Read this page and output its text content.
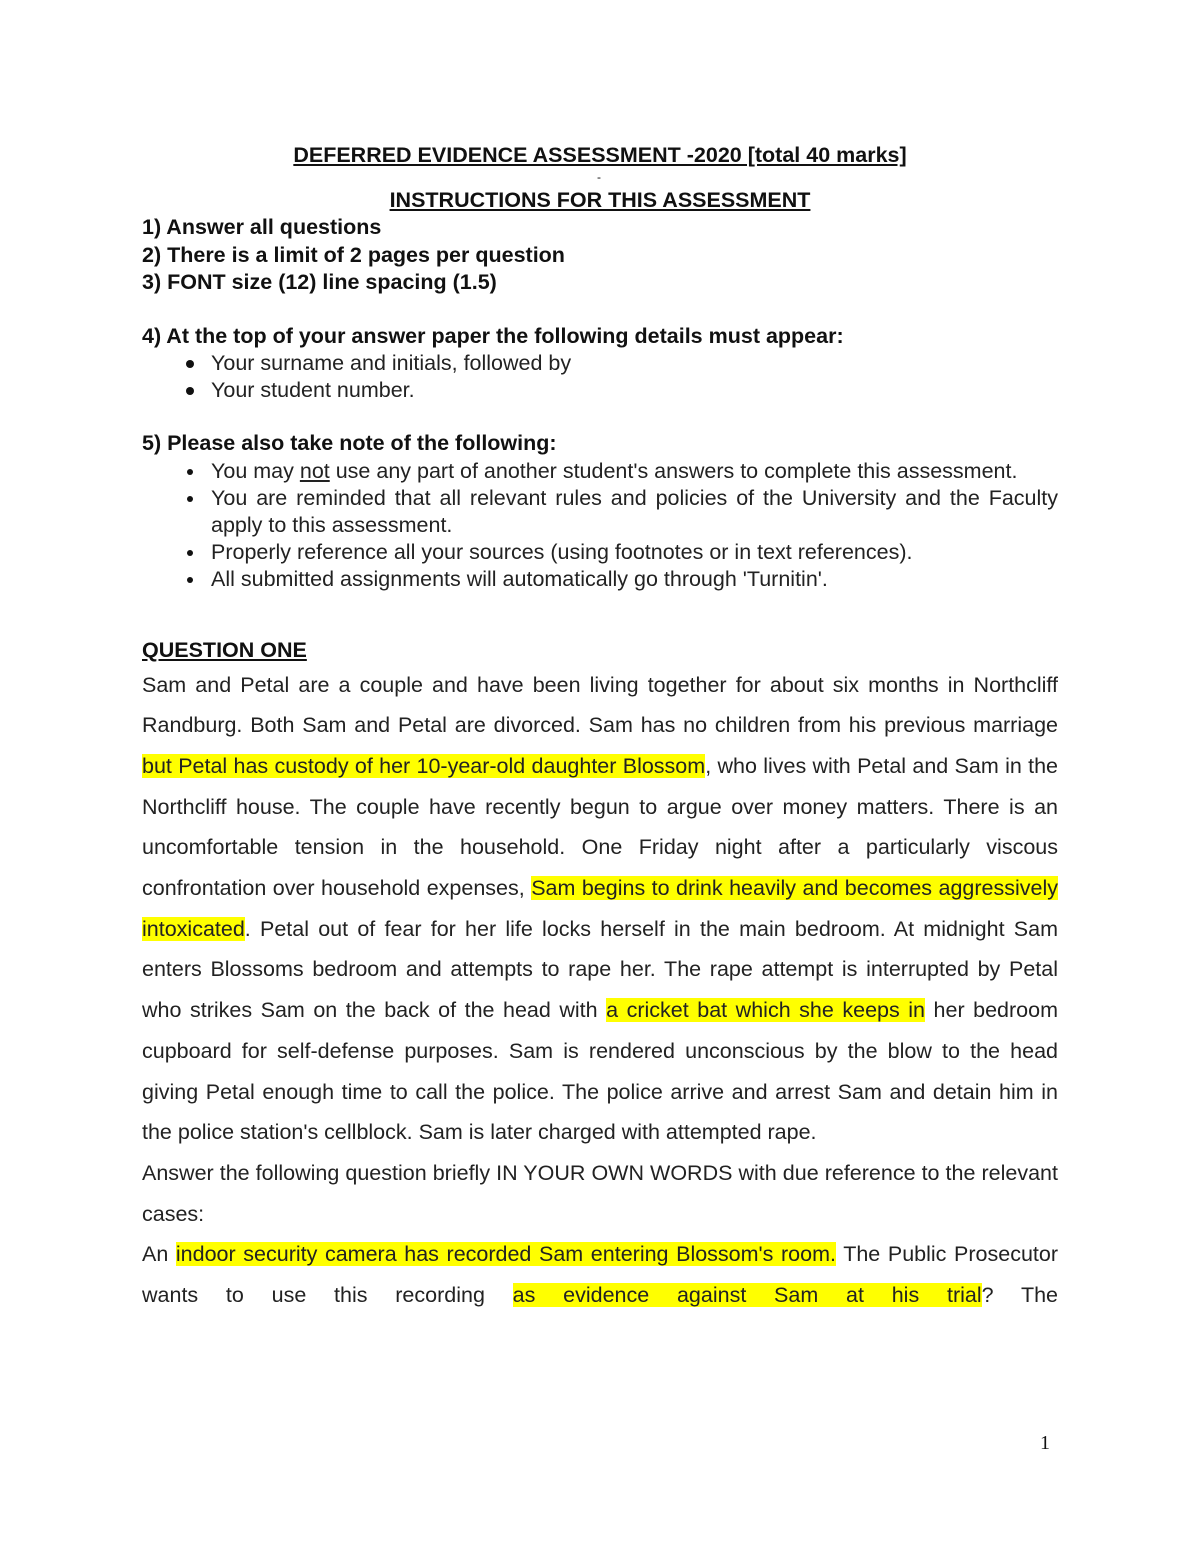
DEFERRED EVIDENCE ASSESSMENT -2020 [total 40 marks]

-

INSTRUCTIONS FOR THIS ASSESSMENT

1) Answer all questions

2) There is a limit of 2 pages per question

3) FONT size (12) line spacing (1.5)

4) At the top of your answer paper the following details must appear:

Your surname and initials, followed by
Your student number.

5) Please also take note of the following:

You may not use any part of another student's answers to complete this assessment.
You are reminded that all relevant rules and policies of the University and the Faculty apply to this assessment.
Properly reference all your sources (using footnotes or in text references).
All submitted assignments will automatically go through 'Turnitin'.

QUESTION ONE

Sam and Petal are a couple and have been living together for about six months in Northcliff Randburg. Both Sam and Petal are divorced. Sam has no children from his previous marriage but Petal has custody of her 10-year-old daughter Blossom, who lives with Petal and Sam in the Northcliff house. The couple have recently begun to argue over money matters. There is an uncomfortable tension in the household. One Friday night after a particularly viscous confrontation over household expenses, Sam begins to drink heavily and becomes aggressively intoxicated. Petal out of fear for her life locks herself in the main bedroom. At midnight Sam enters Blossoms bedroom and attempts to rape her. The rape attempt is interrupted by Petal who strikes Sam on the back of the head with a cricket bat which she keeps in her bedroom cupboard for self-defense purposes. Sam is rendered unconscious by the blow to the head giving Petal enough time to call the police. The police arrive and arrest Sam and detain him in the police station's cellblock. Sam is later charged with attempted rape.

Answer the following question briefly IN YOUR OWN WORDS with due reference to the relevant cases:

An indoor security camera has recorded Sam entering Blossom's room. The Public Prosecutor wants to use this recording as evidence against Sam at his trial? The

1
